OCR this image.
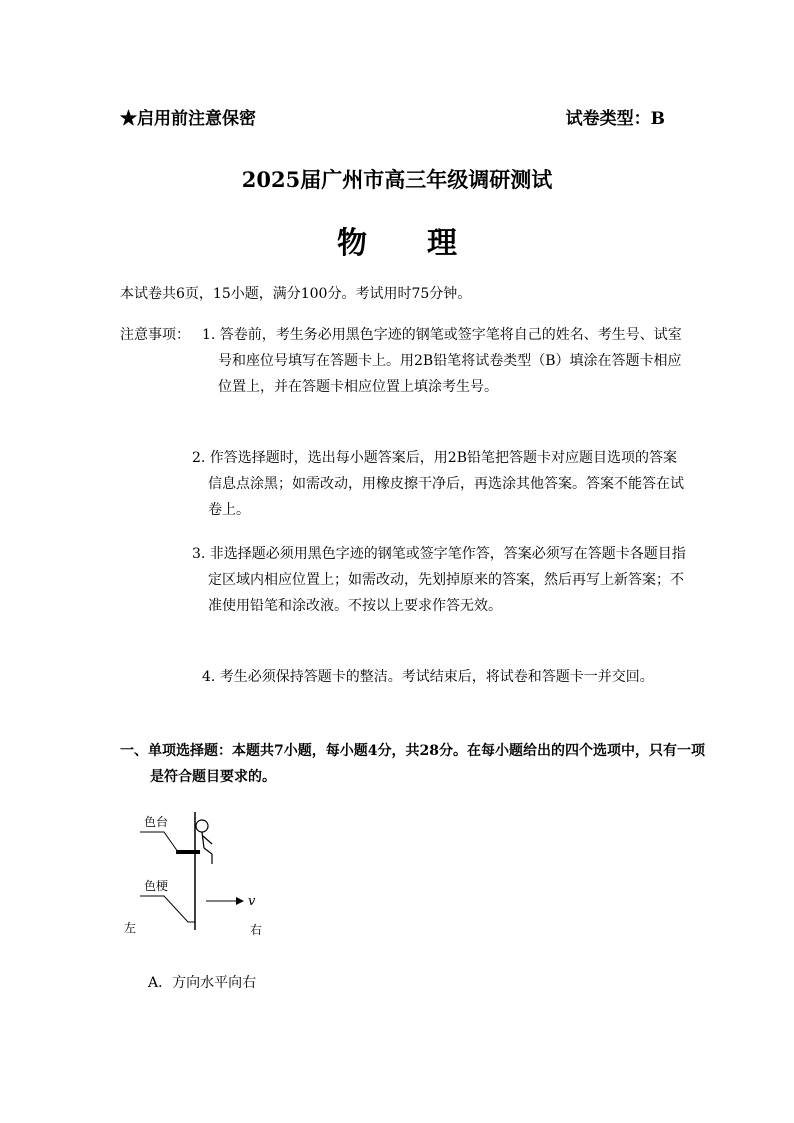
★启用前注意保密	试卷类型：B
2025届广州市高三年级调研测试
物理
本试卷共6页，15小题，满分100分。考试用时75分钟。
注意事项： 1. 答卷前，考生务必用黑色字迹的钢笔或签字笔将自己的姓名、考生号、试室号和座位号填写在答题卡上。用2B铅笔将试卷类型（B）填涂在答题卡相应位置上，并在答题卡相应位置上填涂考生号。
2. 作答选择题时，选出每小题答案后，用2B铅笔把答题卡对应题目选项的答案信息点涂黑；如需改动，用橡皮擦干净后，再选涂其他答案。答案不能答在试卷上。
3. 非选择题必须用黑色字迹的钢笔或签字笔作答，答案必须写在答题卡各题目指定区域内相应位置上；如需改动，先划掉原来的答案，然后再写上新答案；不准使用铅笔和涂改液。不按以上要求作答无效。
4. 考生必须保持答题卡的整洁。考试结束后，将试卷和答题卡一并交回。
一、单项选择题：本题共7小题，每小题4分，共28分。在每小题给出的四个选项中，只有一项是符合题目要求的。
色台
色梗
v
左	右
A．方向水平向右
